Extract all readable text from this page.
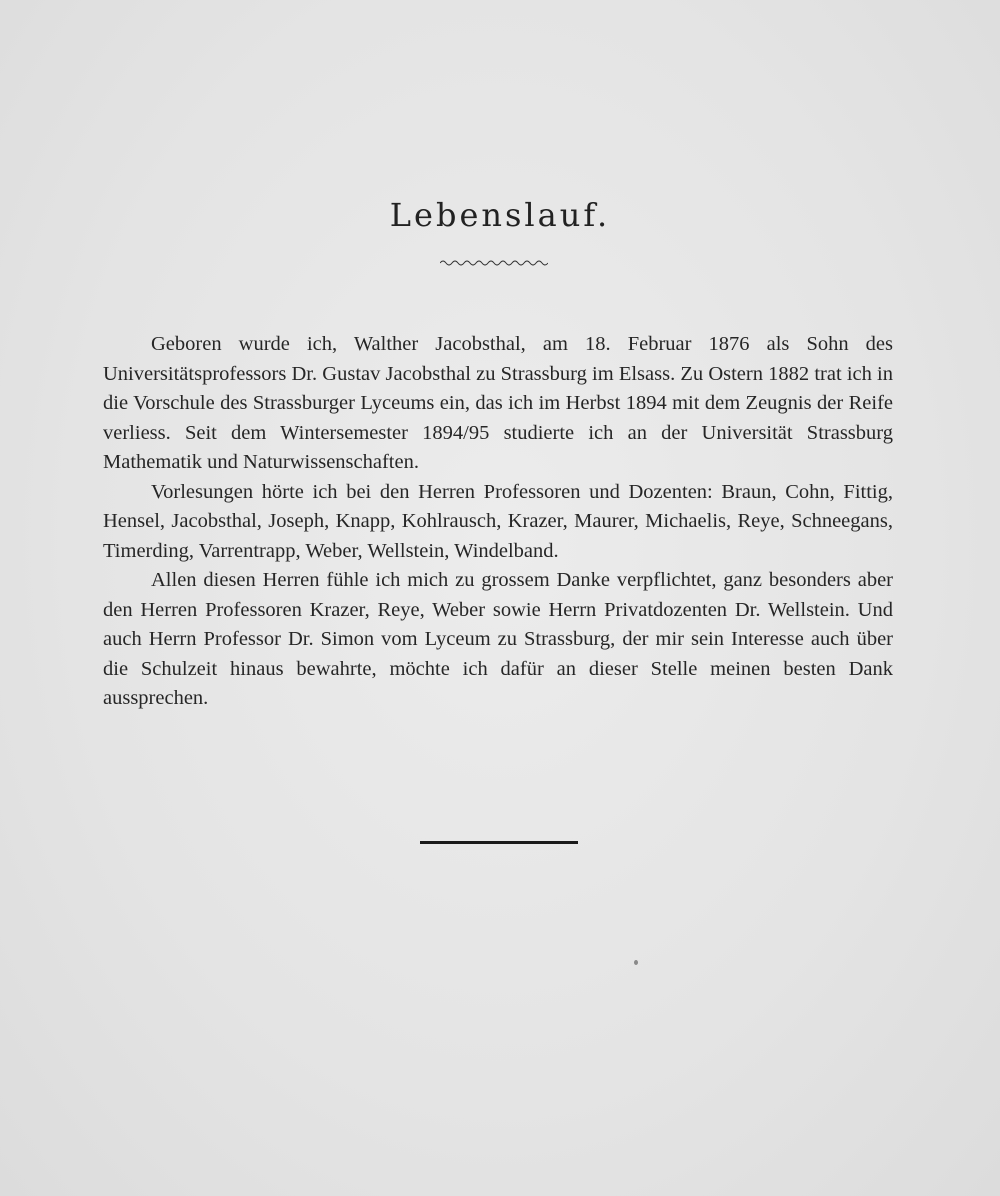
Lebenslauf.

Geboren wurde ich, Walther Jacobsthal, am 18. Februar 1876 als Sohn des Universitätsprofessors Dr. Gustav Jacobsthal zu Strassburg im Elsass. Zu Ostern 1882 trat ich in die Vorschule des Strassburger Lyceums ein, das ich im Herbst 1894 mit dem Zeugnis der Reife verliess. Seit dem Wintersemester 1894/95 studierte ich an der Universität Strassburg Mathematik und Naturwissenschaften.

Vorlesungen hörte ich bei den Herren Professoren und Dozenten: Braun, Cohn, Fittig, Hensel, Jacobsthal, Joseph, Knapp, Kohlrausch, Krazer, Maurer, Michaelis, Reye, Schneegans, Timerding, Varrentrapp, Weber, Wellstein, Windelband.

Allen diesen Herren fühle ich mich zu grossem Danke verpflichtet, ganz besonders aber den Herren Professoren Krazer, Reye, Weber sowie Herrn Privatdozenten Dr. Wellstein. Und auch Herrn Professor Dr. Simon vom Lyceum zu Strassburg, der mir sein Interesse auch über die Schulzeit hinaus bewahrte, möchte ich dafür an dieser Stelle meinen besten Dank aussprechen.
